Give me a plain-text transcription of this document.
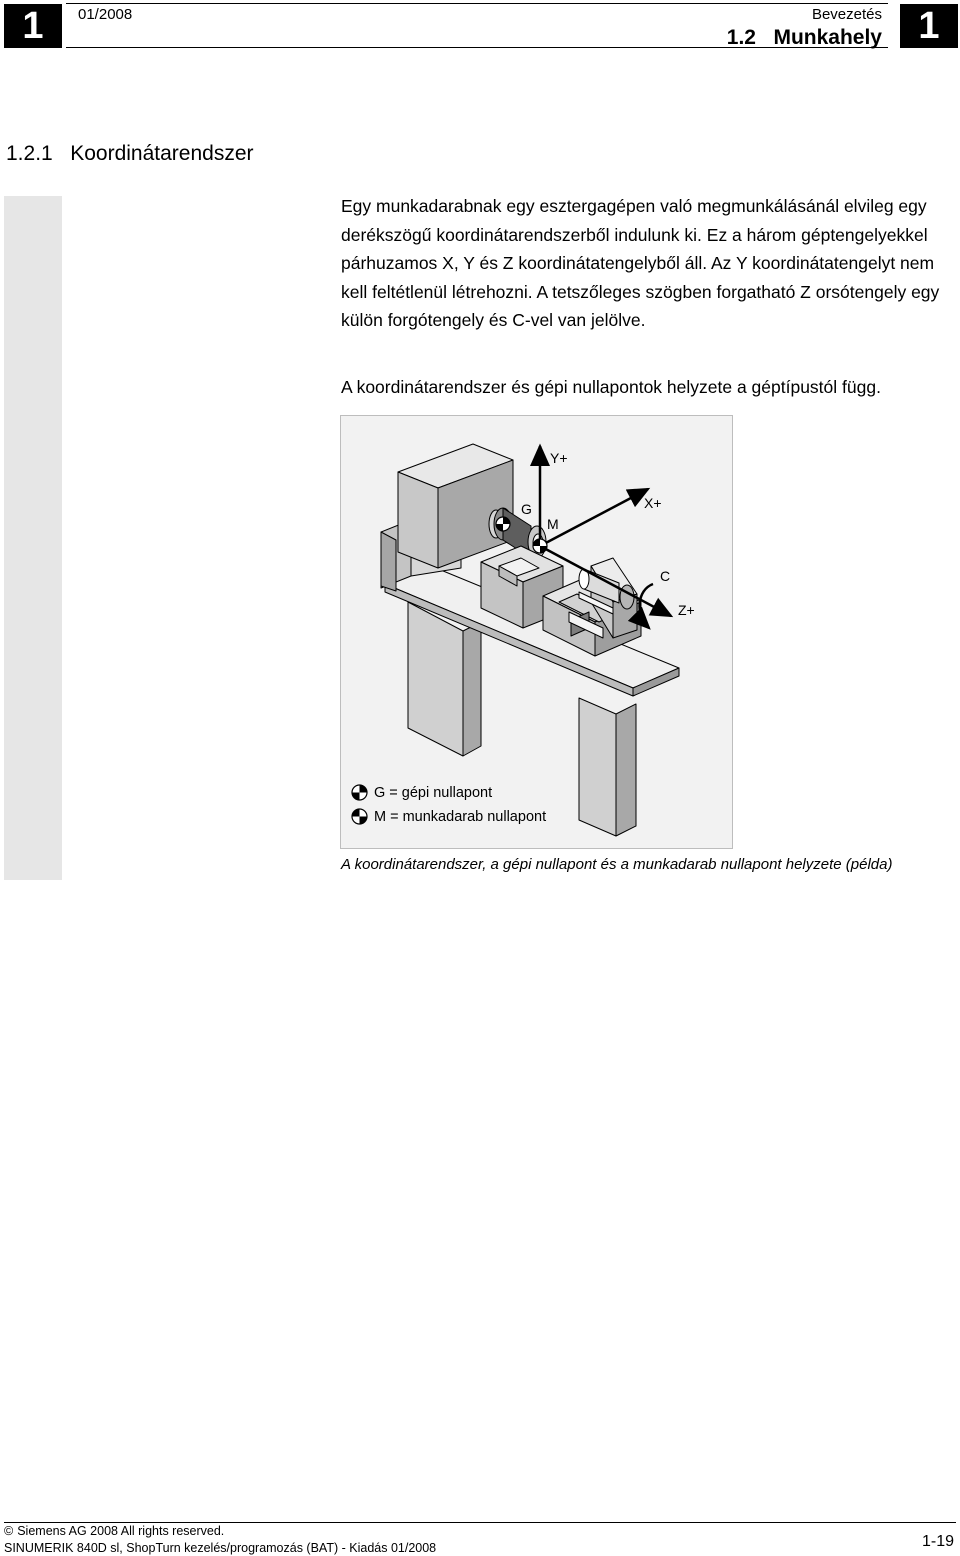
1	01/2008	Bevezetés
1.2   Munkahely 1
1.2.1   Koordinátarendszer
Egy munkadarabnak egy esztergagépen való megmunkálásánál elvileg egy derékszögű koordinátarendszerből indulunk ki. Ez a három géptengelyekkel párhuzamos X, Y és Z koordinátatengelyből áll. Az Y koordinátatengelyt nem kell feltétlenül létrehozni. A tetszőleges szögben forgatható Z orsótengely egy külön forgótengely és C-vel van jelölve.
A koordinátarendszer és gépi nullapontok helyzete a géptípustól függ.
Y+
X+
G
M
C
Z+
G = gépi nullapont
M = munkadarab nullapont
A koordinátarendszer, a gépi nullapont és a munkadarab nullapont helyzete (példa)
© Siemens AG 2008 All rights reserved.
SINUMERIK 840D sl, ShopTurn kezelés/programozás (BAT) - Kiadás 01/2008	1-19
